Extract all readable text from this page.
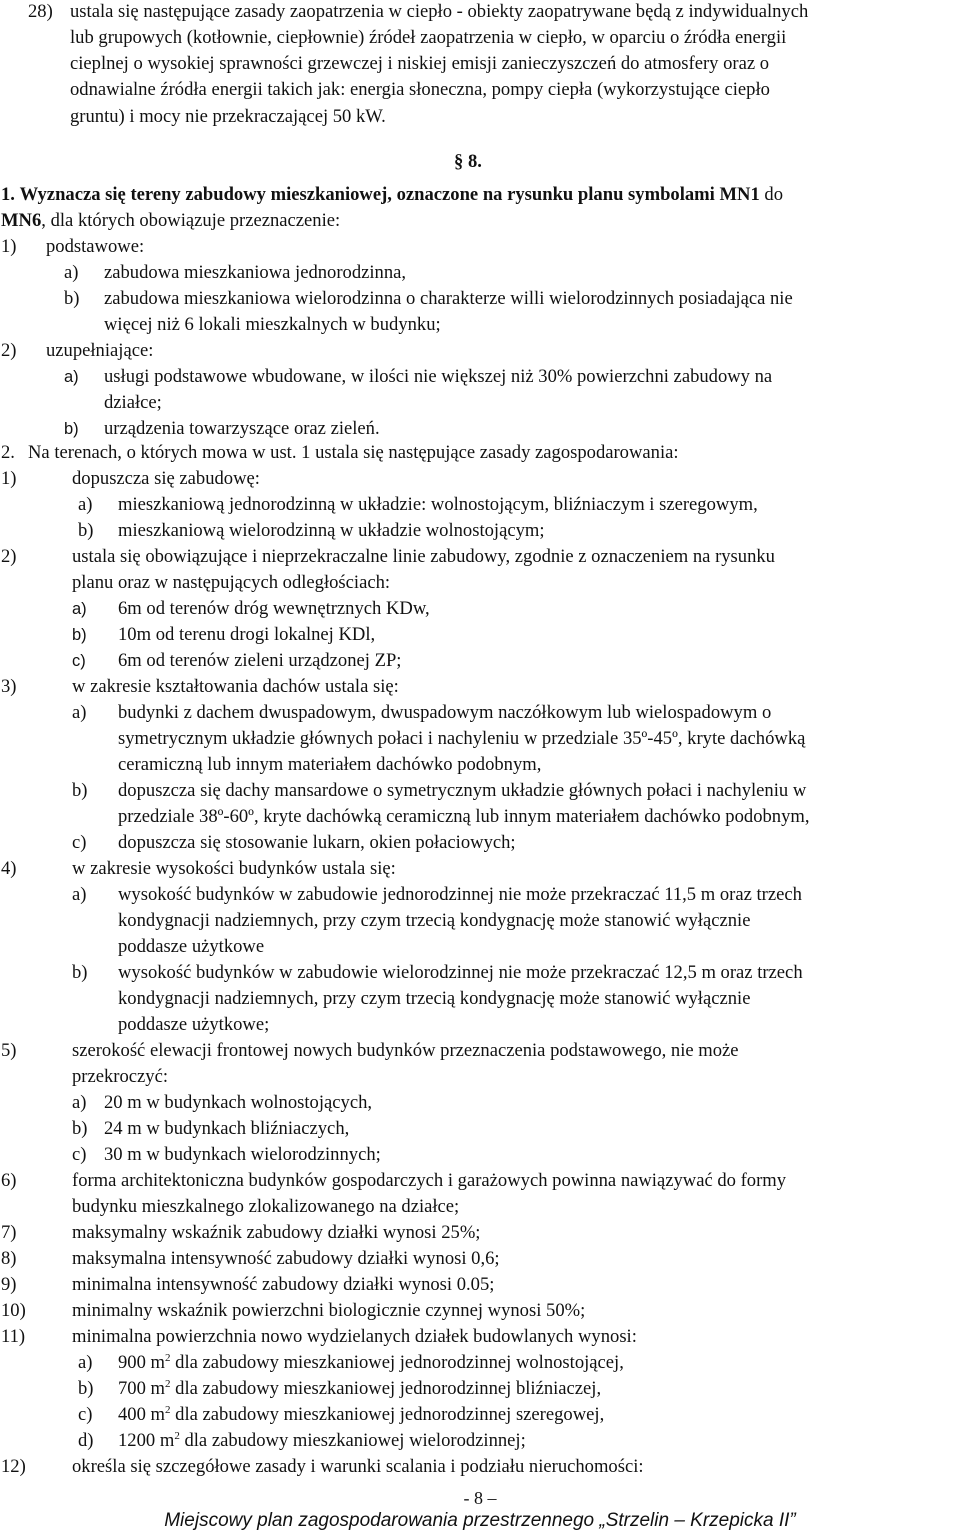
28) ustala się następujące zasady zaopatrzenia w ciepło - obiekty zaopatrywane będą z indywidualnych
lub grupowych (kotłownie, ciepłownie) źródeł zaopatrzenia w ciepło, w oparciu o źródła energii
cieplnej o wysokiej sprawności grzewczej i niskiej emisji zanieczyszczeń do atmosfery oraz o
odnawialne źródła energii takich jak: energia słoneczna, pompy ciepła (wykorzystujące ciepło
gruntu) i mocy nie przekraczającej 50 kW.
§ 8.
1. Wyznacza się tereny zabudowy mieszkaniowej, oznaczone na rysunku planu symbolami MN1 do
MN6, dla których obowiązuje przeznaczenie:
1) podstawowe:
a) zabudowa mieszkaniowa jednorodzinna,
b) zabudowa mieszkaniowa wielorodzinna o charakterze willi wielorodzinnych posiadająca nie
więcej niż 6 lokali mieszkalnych w budynku;
2) uzupełniające:
a) usługi podstawowe wbudowane, w ilości nie większej niż 30% powierzchni zabudowy na
działce;
b) urządzenia towarzyszące oraz zieleń.
2. Na terenach, o których mowa w ust. 1 ustala się następujące zasady zagospodarowania:
1)	dopuszcza się zabudowę:
a) mieszkaniową jednorodzinną w układzie: wolnostojącym, bliźniaczym i szeregowym,
b) mieszkaniową wielorodzinną w układzie wolnostojącym;
2)	ustala się obowiązujące i nieprzekraczalne linie zabudowy, zgodnie z oznaczeniem na rysunku
planu oraz w następujących odległościach:
a) 6m od terenów dróg wewnętrznych KDw,
b) 10m od terenu drogi lokalnej KDl,
c) 6m od terenów zieleni urządzonej ZP;
3)	w zakresie kształtowania dachów ustala się:
a) budynki z dachem dwuspadowym, dwuspadowym naczółkowym lub wielospadowym o
symetrycznym układzie głównych połaci i nachyleniu w przedziale 35º-45º, kryte dachówką
ceramiczną lub innym materiałem dachówko podobnym,
b) dopuszcza się dachy mansardowe o symetrycznym układzie głównych połaci i nachyleniu w
przedziale 38º-60º, kryte dachówką ceramiczną lub innym materiałem dachówko podobnym,
c) dopuszcza się stosowanie lukarn, okien połaciowych;
4)	w zakresie wysokości budynków ustala się:
a) wysokość budynków w zabudowie jednorodzinnej nie może przekraczać 11,5 m oraz trzech
kondygnacji nadziemnych, przy czym trzecią kondygnację może stanowić wyłącznie
poddasze użytkowe
b) wysokość budynków w zabudowie wielorodzinnej nie może przekraczać 12,5 m oraz trzech
kondygnacji nadziemnych, przy czym trzecią kondygnację może stanowić wyłącznie
poddasze użytkowe;
5)	szerokość elewacji frontowej nowych budynków przeznaczenia podstawowego, nie może
przekroczyć:
a) 20 m w budynkach wolnostojących,
b) 24 m w budynkach bliźniaczych,
c) 30 m w budynkach wielorodzinnych;
6)	forma architektoniczna budynków gospodarczych i garażowych powinna nawiązywać do formy
budynku mieszkalnego zlokalizowanego na działce;
7)	maksymalny wskaźnik zabudowy działki wynosi 25%;
8)	maksymalna intensywność zabudowy działki wynosi 0,6;
9)	minimalna intensywność zabudowy działki wynosi 0.05;
10) minimalny wskaźnik powierzchni biologicznie czynnej wynosi 50%;
11)	minimalna powierzchnia nowo wydzielanych działek budowlanych wynosi:
a) 900 $m^2$ dla zabudowy mieszkaniowej jednorodzinnej wolnostojącej,
b) 700 $m^2$ dla zabudowy mieszkaniowej jednorodzinnej bliźniaczej,
c) 400 $m^2$ dla zabudowy mieszkaniowej jednorodzinnej szeregowej,
d) 1200 $m^2$ dla zabudowy mieszkaniowej wielorodzinnej;
12) określa się szczegółowe zasady i warunki scalania i podziału nieruchomości:
- 8 –
Miejscowy plan zagospodarowania przestrzennego „Strzelin – Krzepicka II”
